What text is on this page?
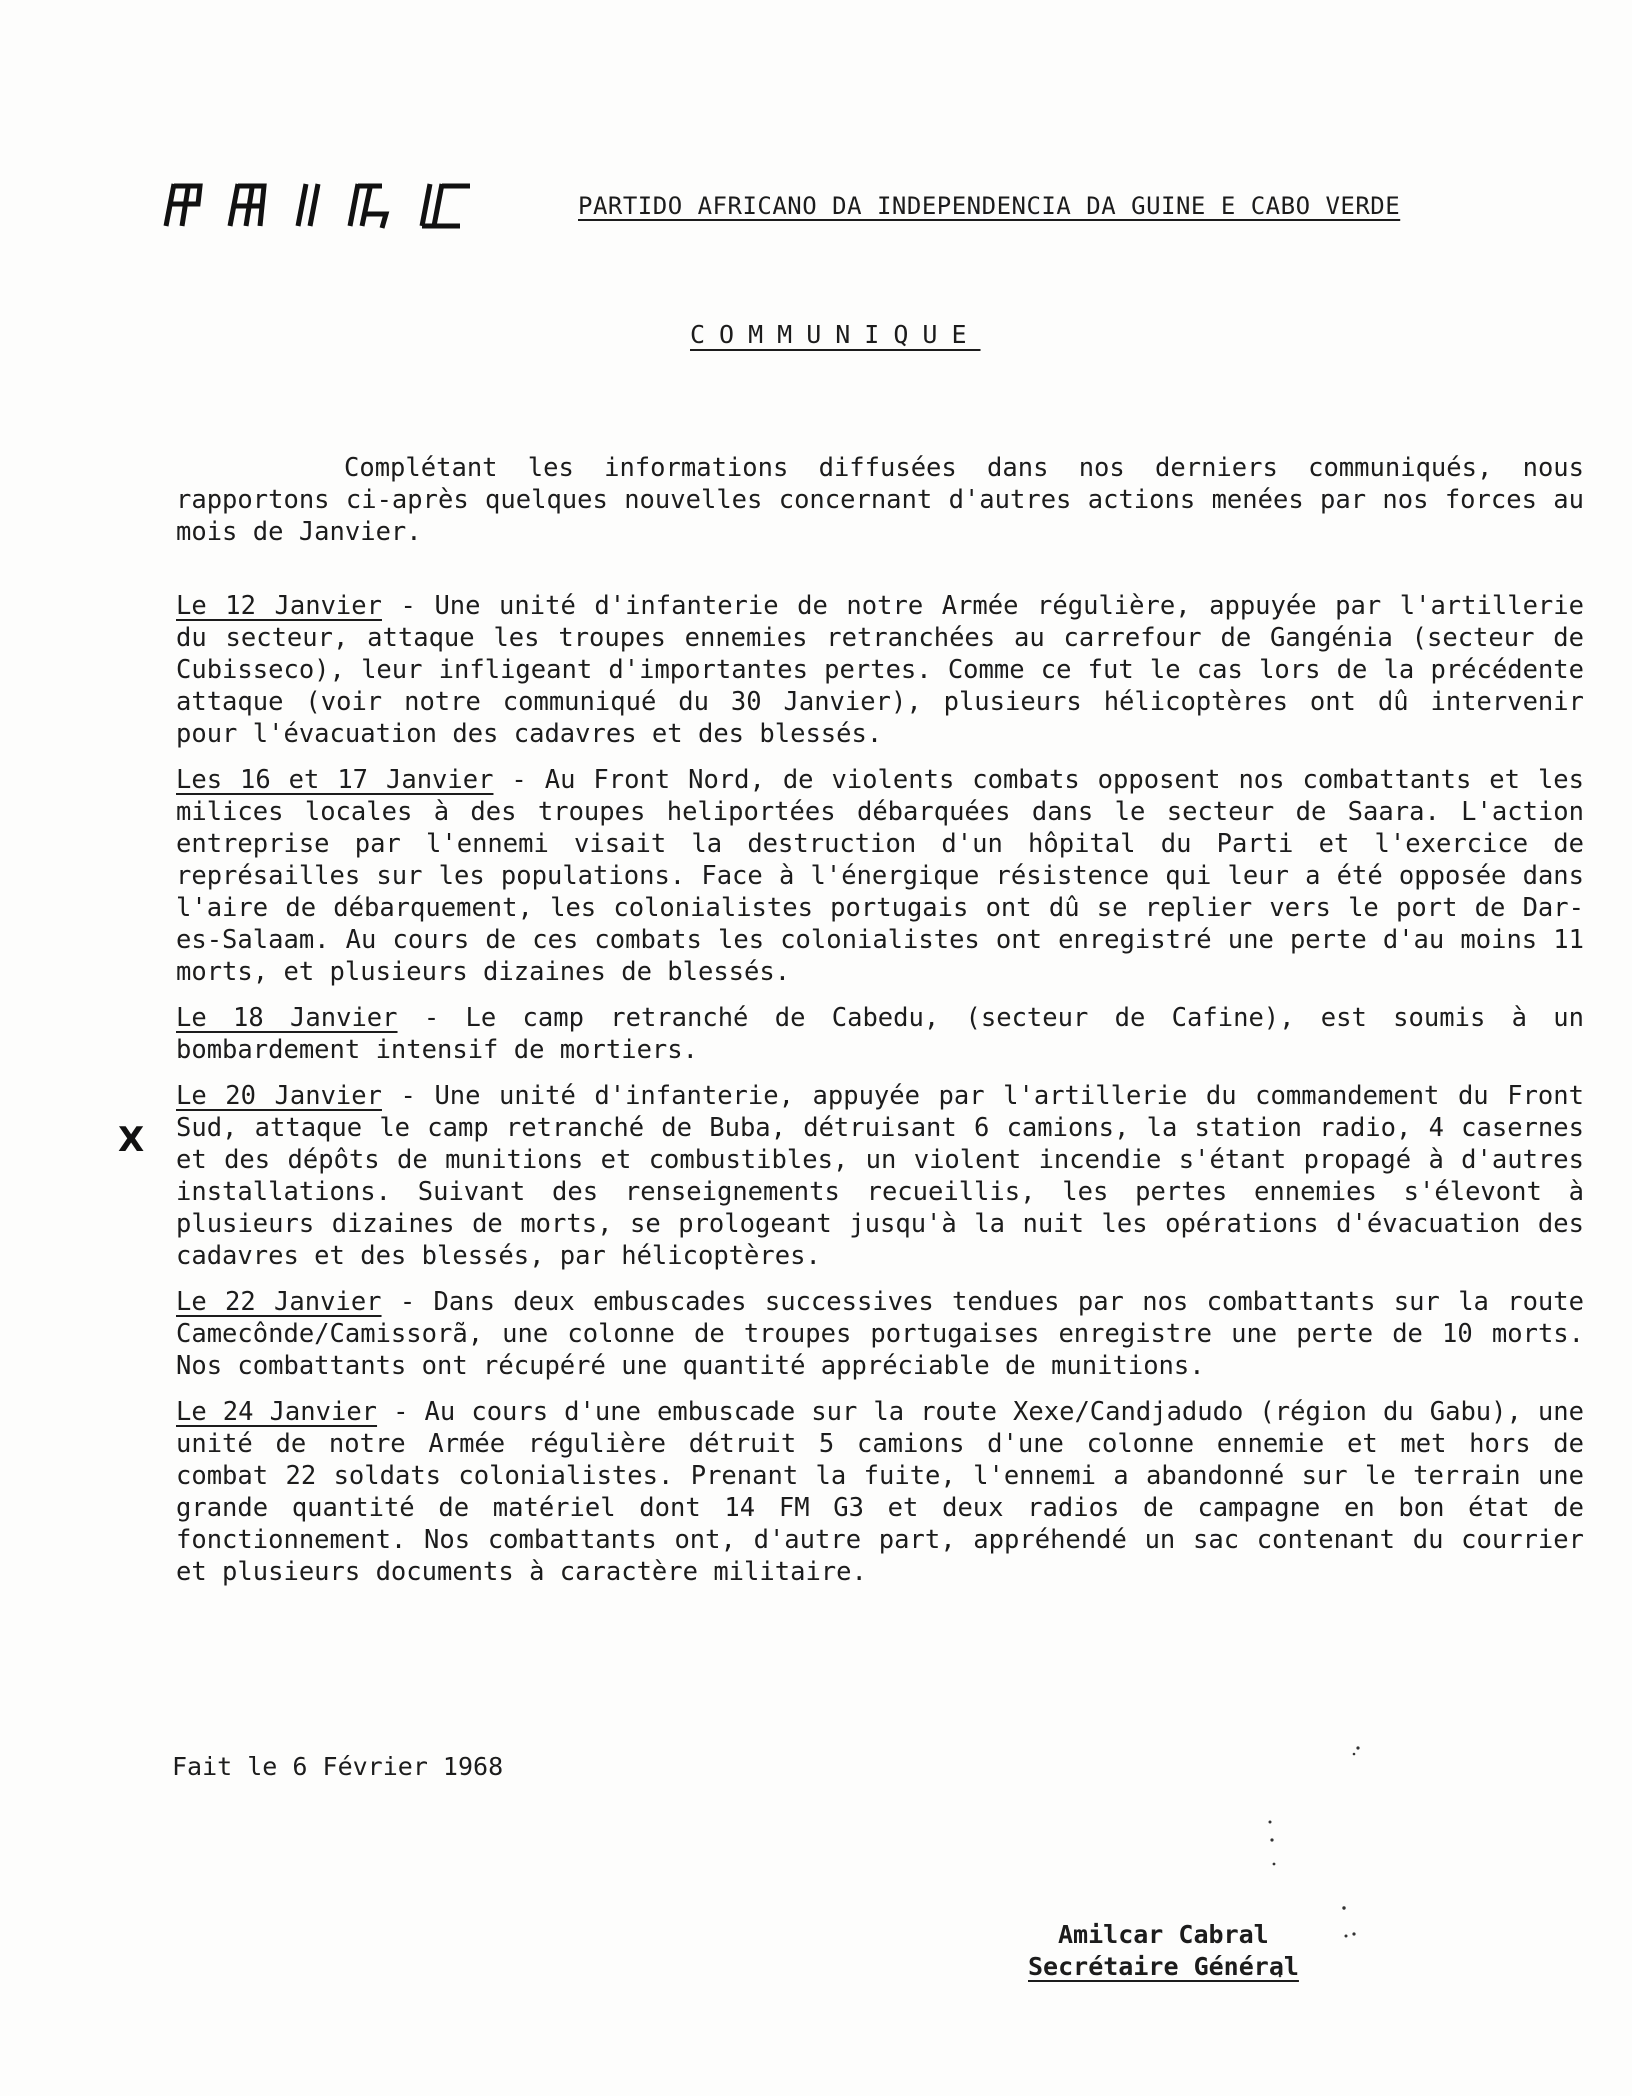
PARTIDO AFRICANO DA INDEPENDENCIA DA GUINE E CABO VERDE
COMMUNIQUE

Complétant les informations diffusées dans nos derniers communiqués, nous rapportons ci-après quelques nouvelles concernant d'autres actions menées par nos forces au mois de Janvier.

Le 12 Janvier - Une unité d'infanterie de notre Armée régulière, appuyée par l'artillerie du secteur, attaque les troupes ennemies retranchées au carrefour de Gangénia (secteur de Cubisseco), leur infligeant d'importantes pertes. Comme ce fut le cas lors de la précédente attaque (voir notre communiqué du 30 Janvier), plusieurs hélicoptères ont dû intervenir pour l'évacuation des cadavres et des blessés.

Les 16 et 17 Janvier - Au Front Nord, de violents combats opposent nos combattants et les milices locales à des troupes heliportées débarquées dans le secteur de Saara. L'action entreprise par l'ennemi visait la destruction d'un hôpital du Parti et l'exercice de représailles sur les populations. Face à l'énergique résistence qui leur a été opposée dans l'aire de débarquement, les colonialistes portugais ont dû se replier vers le port de Dar-es-Salaam. Au cours de ces combats les colonialistes ont enregistré une perte d'au moins 11 morts, et plusieurs dizaines de blessés.

Le 18 Janvier - Le camp retranché de Cabedu, (secteur de Cafine), est soumis à un bombardement intensif de mortiers.

Le 20 Janvier - Une unité d'infanterie, appuyée par l'artillerie du commandement du Front Sud, attaque le camp retranché de Buba, détruisant 6 camions, la station radio, 4 casernes et des dépôts de munitions et combustibles, un violent incendie s'étant propagé à d'autres installations. Suivant des renseignements recueillis, les pertes ennemies s'élevont à plusieurs dizaines de morts, se prologeant jusqu'à la nuit les opérations d'évacuation des cadavres et des blessés, par hélicoptères.

Le 22 Janvier - Dans deux embuscades successives tendues par nos combattants sur la route Camecônde/Camissorã, une colonne de troupes portugaises enregistre une perte de 10 morts. Nos combattants ont récupéré une quantité appréciable de munitions.

Le 24 Janvier - Au cours d'une embuscade sur la route Xexe/Candjadudo (région du Gabu), une unité de notre Armée régulière détruit 5 camions d'une colonne ennemie et met hors de combat 22 soldats colonialistes. Prenant la fuite, l'ennemi a abandonné sur le terrain une grande quantité de matériel dont 14 FM G3 et deux radios de campagne en bon état de fonctionnement. Nos combattants ont, d'autre part, appréhendé un sac contenant du courrier et plusieurs documents à caractère militaire.

X
Fait le 6 Février 1968
Amilcar Cabral
Secrétaire Général
